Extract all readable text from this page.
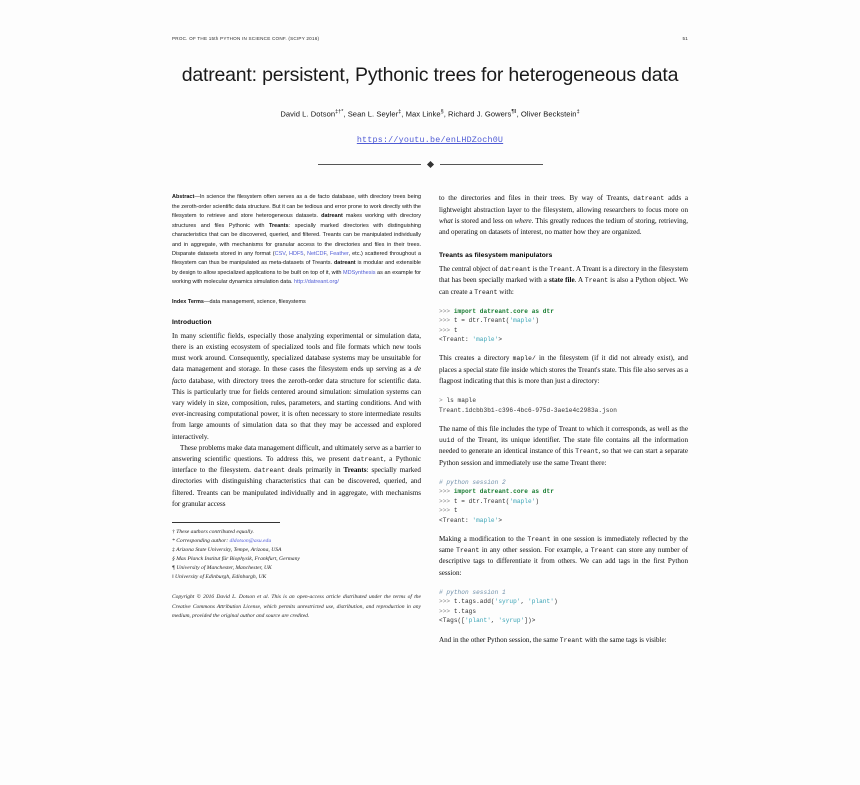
PROC. OF THE 15th PYTHON IN SCIENCE CONF. (SCIPY 2016)	51
datreant: persistent, Pythonic trees for heterogeneous data
David L. Dotson‡†*, Sean L. Seyler‡, Max Linke§, Richard J. Gowers¶‖, Oliver Beckstein‡
https://youtu.be/enLHDZoch0U
Abstract—In science the filesystem often serves as a de facto database, with directory trees being the zeroth-order scientific data structure. But it can be tedious and error prone to work directly with the filesystem to retrieve and store heterogeneous datasets. datreant makes working with directory structures and files Pythonic with Treants: specially marked directories with distinguishing characteristics that can be discovered, queried, and filtered. Treants can be manipulated individually and in aggregate, with mechanisms for granular access to the directories and files in their trees. Disparate datasets stored in any format (CSV, HDF5, NetCDF, Feather, etc.) scattered throughout a filesystem can thus be manipulated as meta-datasets of Treants. datreant is modular and extensible by design to allow specialized applications to be built on top of it, with MDSynthesis as an example for working with molecular dynamics simulation data. http://datreant.org/
Index Terms—data management, science, filesystems
Introduction

In many scientific fields, especially those analyzing experimental or simulation data, there is an existing ecosystem of specialized tools and file formats which new tools must work around. Consequently, specialized database systems may be unsuitable for data management and storage. In these cases the filesystem ends up serving as a de facto database, with directory trees the zeroth-order data structure for scientific data. This is particularly true for fields centered around simulation: simulation systems can vary widely in size, composition, rules, parameters, and starting conditions. And with ever-increasing computational power, it is often necessary to store intermediate results from large amounts of simulation data so that they may be accessed and explored interactively.

These problems make data management difficult, and ultimately serve as a barrier to answering scientific questions. To address this, we present datreant, a Pythonic interface to the filesystem. datreant deals primarily in Treants: specially marked directories with distinguishing characteristics that can be discovered, queried, and filtered. Treants can be manipulated individually and in aggregate, with mechanisms for granular access

† These authors contributed equally.
* Corresponding author: dldotson@asu.edu
‡ Arizona State University, Tempe, Arizona, USA
§ Max Planck Institut für Biophysik, Frankfurt, Germany
¶ University of Manchester, Manchester, UK
‖ University of Edinburgh, Edinburgh, UK
Copyright © 2016 David L. Dotson et al. This is an open-access article distributed under the terms of the Creative Commons Attribution License, which permits unrestricted use, distribution, and reproduction in any medium, provided the original author and source are credited.

to the directories and files in their trees. By way of Treants, datreant adds a lightweight abstraction layer to the filesystem, allowing researchers to focus more on what is stored and less on where. This greatly reduces the tedium of storing, retrieving, and operating on datasets of interest, no matter how they are organized.

Treants as filesystem manipulators

The central object of datreant is the Treant. A Treant is a directory in the filesystem that has been specially marked with a state file. A Treant is also a Python object. We can create a Treant with:

>>> import datreant.core as dtr
>>> t = dtr.Treant('maple')
>>> t
<Treant: 'maple'>

This creates a directory maple/ in the filesystem (if it did not already exist), and places a special state file inside which stores the Treant's state. This file also serves as a flagpost indicating that this is more than just a directory:

> ls maple
Treant.1dcbb3b1-c396-4bc6-975d-3ae1e4c2983a.json

The name of this file includes the type of Treant to which it corresponds, as well as the uuid of the Treant, its unique identifier. The state file contains all the information needed to generate an identical instance of this Treant, so that we can start a separate Python session and immediately use the same Treant there:

# python session 2
>>> import datreant.core as dtr
>>> t = dtr.Treant('maple')
>>> t
<Treant: 'maple'>

Making a modification to the Treant in one session is immediately reflected by the same Treant in any other session. For example, a Treant can store any number of descriptive tags to differentiate it from others. We can add tags in the first Python session:

# python session 1
>>> t.tags.add('syrup', 'plant')
>>> t.tags
<Tags(['plant', 'syrup'])>

And in the other Python session, the same Treant with the same tags is visible:
